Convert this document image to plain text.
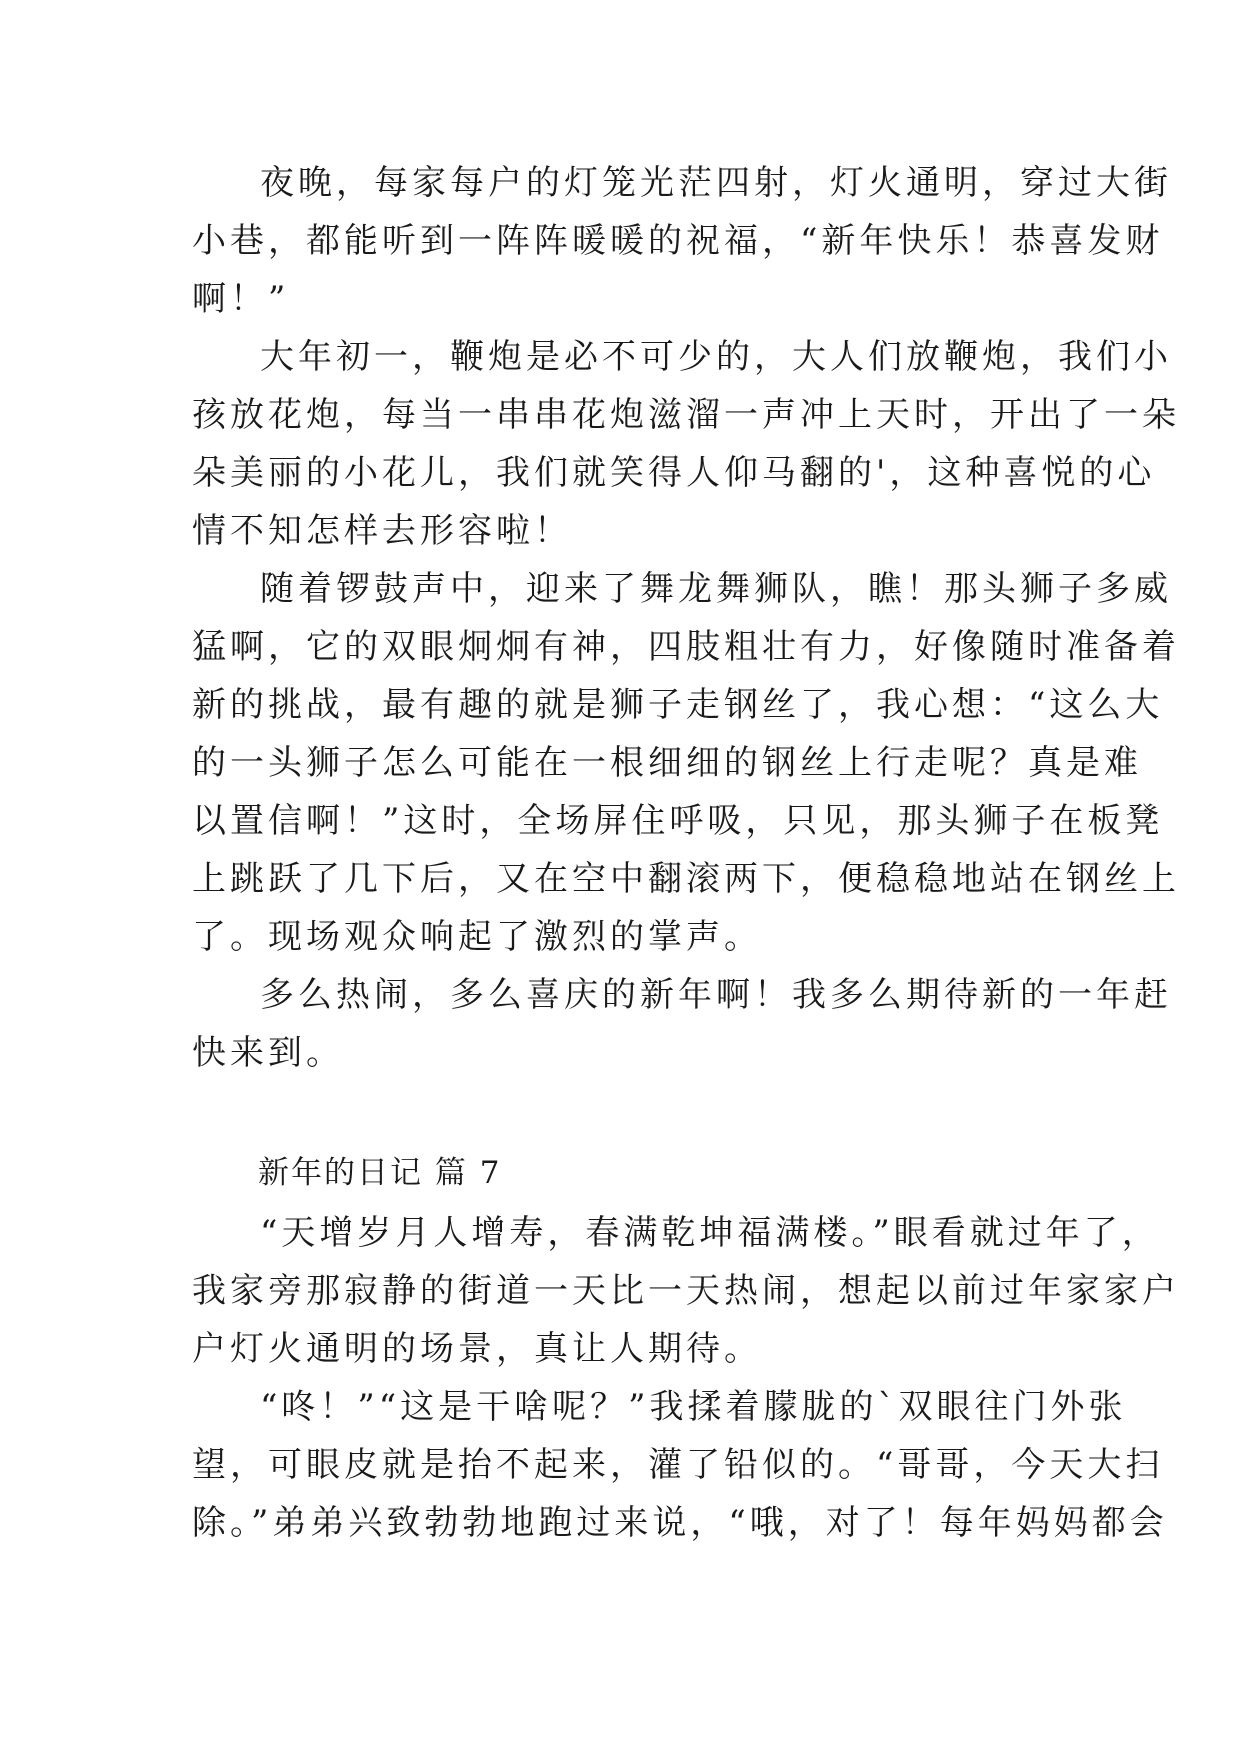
夜晚，每家每户的灯笼光茫四射，灯火通明，穿过大街
小巷，都能听到一阵阵暖暖的祝福，“新年快乐！恭喜发财
啊！”
大年初一，鞭炮是必不可少的，大人们放鞭炮，我们小
孩放花炮，每当一串串花炮滋溜一声冲上天时，开出了一朵
朵美丽的小花儿，我们就笑得人仰马翻的'，这种喜悦的心
情不知怎样去形容啦！
随着锣鼓声中，迎来了舞龙舞狮队，瞧！那头狮子多威
猛啊，它的双眼炯炯有神，四肢粗壮有力，好像随时准备着
新的挑战，最有趣的就是狮子走钢丝了，我心想：“这么大
的一头狮子怎么可能在一根细细的钢丝上行走呢？真是难
以置信啊！”这时，全场屏住呼吸，只见，那头狮子在板凳
上跳跃了几下后，又在空中翻滚两下，便稳稳地站在钢丝上
了。现场观众响起了激烈的掌声。
多么热闹，多么喜庆的新年啊！我多么期待新的一年赶
快来到。
新年的日记 篇 7
“天增岁月人增寿，春满乾坤福满楼。”眼看就过年了，
我家旁那寂静的街道一天比一天热闹，想起以前过年家家户
户灯火通明的场景，真让人期待。
“咚！”“这是干啥呢？”我揉着朦胧的`双眼往门外张
望，可眼皮就是抬不起来，灌了铅似的。“哥哥，今天大扫
除。”弟弟兴致勃勃地跑过来说，“哦，对了！每年妈妈都会
